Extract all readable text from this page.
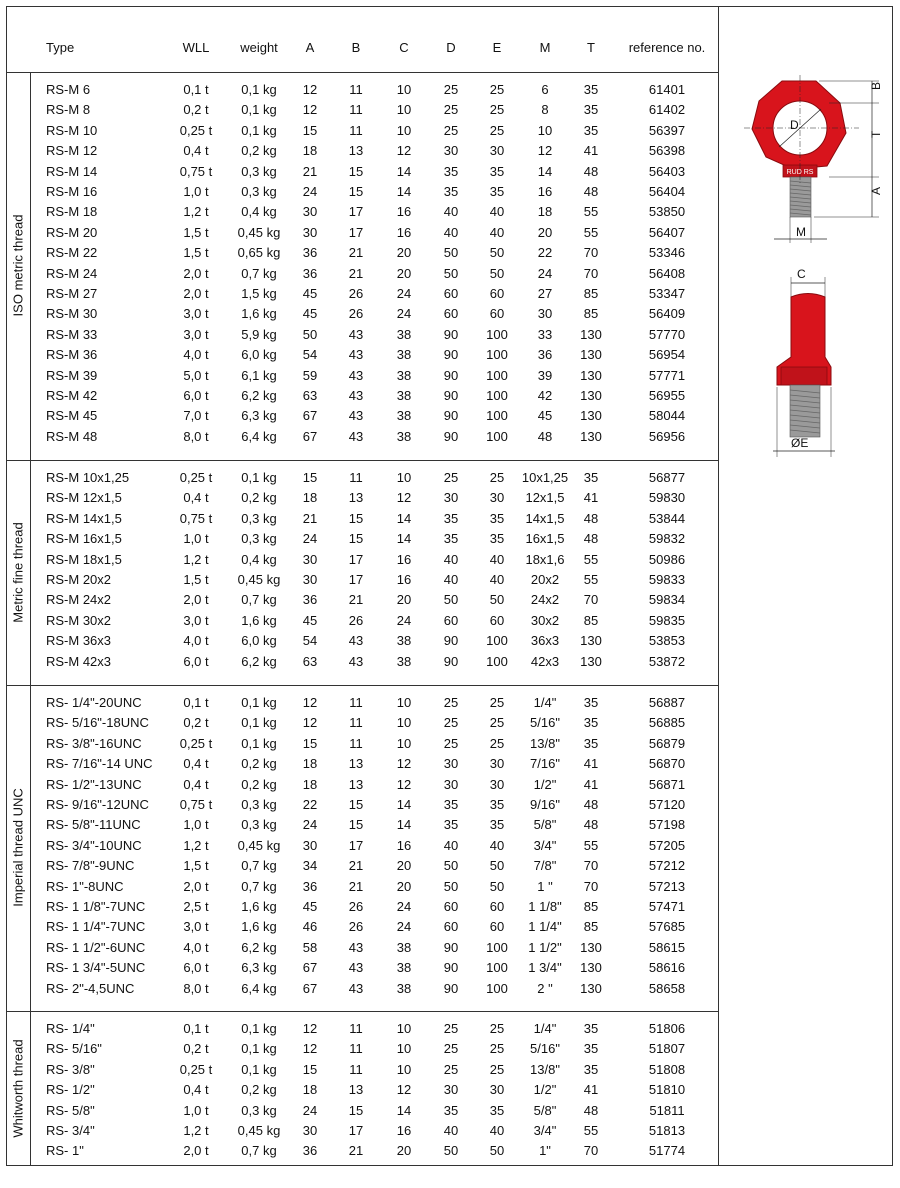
Type	WLL	weight	A	B	C	D	E	M	T	reference no.
ISO metric thread
RS-M 6	0,1 t	0,1 kg	12	11	10	25	25	6	35	61401
RS-M 8	0,2 t	0,1 kg	12	11	10	25	25	8	35	61402
RS-M 10	0,25 t	0,1 kg	15	11	10	25	25	10	35	56397
RS-M 12	0,4 t	0,2 kg	18	13	12	30	30	12	41	56398
RS-M 14	0,75 t	0,3 kg	21	15	14	35	35	14	48	56403
RS-M 16	1,0 t	0,3 kg	24	15	14	35	35	16	48	56404
RS-M 18	1,2 t	0,4 kg	30	17	16	40	40	18	55	53850
RS-M 20	1,5 t	0,45 kg	30	17	16	40	40	20	55	56407
RS-M 22	1,5 t	0,65 kg	36	21	20	50	50	22	70	53346
RS-M 24	2,0 t	0,7 kg	36	21	20	50	50	24	70	56408
RS-M 27	2,0 t	1,5 kg	45	26	24	60	60	27	85	53347
RS-M 30	3,0 t	1,6 kg	45	26	24	60	60	30	85	56409
RS-M 33	3,0 t	5,9 kg	50	43	38	90	100	33	130	57770
RS-M 36	4,0 t	6,0 kg	54	43	38	90	100	36	130	56954
RS-M 39	5,0 t	6,1 kg	59	43	38	90	100	39	130	57771
RS-M 42	6,0 t	6,2 kg	63	43	38	90	100	42	130	56955
RS-M 45	7,0 t	6,3 kg	67	43	38	90	100	45	130	58044
RS-M 48	8,0 t	6,4 kg	67	43	38	90	100	48	130	56956
Metric fine thread
RS-M 10x1,25	0,25 t	0,1 kg	15	11	10	25	25	10x1,25	35	56877
RS-M 12x1,5	0,4 t	0,2 kg	18	13	12	30	30	12x1,5	41	59830
RS-M 14x1,5	0,75 t	0,3 kg	21	15	14	35	35	14x1,5	48	53844
RS-M 16x1,5	1,0 t	0,3 kg	24	15	14	35	35	16x1,5	48	59832
RS-M 18x1,5	1,2 t	0,4 kg	30	17	16	40	40	18x1,6	55	50986
RS-M 20x2	1,5 t	0,45 kg	30	17	16	40	40	20x2	55	59833
RS-M 24x2	2,0 t	0,7 kg	36	21	20	50	50	24x2	70	59834
RS-M 30x2	3,0 t	1,6 kg	45	26	24	60	60	30x2	85	59835
RS-M 36x3	4,0 t	6,0 kg	54	43	38	90	100	36x3	130	53853
RS-M 42x3	6,0 t	6,2 kg	63	43	38	90	100	42x3	130	53872
Imperial thread UNC
RS- 1/4"-20UNC	0,1 t	0,1 kg	12	11	10	25	25	1/4"	35	56887
RS- 5/16"-18UNC	0,2 t	0,1 kg	12	11	10	25	25	5/16"	35	56885
RS- 3/8"-16UNC	0,25 t	0,1 kg	15	11	10	25	25	13/8"	35	56879
RS- 7/16"-14 UNC	0,4 t	0,2 kg	18	13	12	30	30	7/16"	41	56870
RS- 1/2"-13UNC	0,4 t	0,2 kg	18	13	12	30	30	1/2"	41	56871
RS- 9/16"-12UNC	0,75 t	0,3 kg	22	15	14	35	35	9/16"	48	57120
RS- 5/8"-11UNC	1,0 t	0,3 kg	24	15	14	35	35	5/8"	48	57198
RS- 3/4"-10UNC	1,2 t	0,45 kg	30	17	16	40	40	3/4"	55	57205
RS- 7/8"-9UNC	1,5 t	0,7 kg	34	21	20	50	50	7/8"	70	57212
RS- 1"-8UNC	2,0 t	0,7 kg	36	21	20	50	50	1 "	70	57213
RS- 1 1/8"-7UNC	2,5 t	1,6 kg	45	26	24	60	60	1 1/8"	85	57471
RS- 1 1/4"-7UNC	3,0 t	1,6 kg	46	26	24	60	60	1 1/4"	85	57685
RS- 1 1/2"-6UNC	4,0 t	6,2 kg	58	43	38	90	100	1 1/2"	130	58615
RS- 1 3/4"-5UNC	6,0 t	6,3 kg	67	43	38	90	100	1 3/4"	130	58616
RS- 2"-4,5UNC	8,0 t	6,4 kg	67	43	38	90	100	2 "	130	58658
Whitworth thread
RS- 1/4"	0,1 t	0,1 kg	12	11	10	25	25	1/4"	35	51806
RS- 5/16"	0,2 t	0,1 kg	12	11	10	25	25	5/16"	35	51807
RS- 3/8"	0,25 t	0,1 kg	15	11	10	25	25	13/8"	35	51808
RS- 1/2"	0,4 t	0,2 kg	18	13	12	30	30	1/2"	41	51810
RS- 5/8"	1,0 t	0,3 kg	24	15	14	35	35	5/8"	48	51811
RS- 3/4"	1,2 t	0,45 kg	30	17	16	40	40	3/4"	55	51813
RS- 1"	2,0 t	0,7 kg	36	21	20	50	50	1"	70	51774
RUD RS
D
B
T
A
M
C
ØE
